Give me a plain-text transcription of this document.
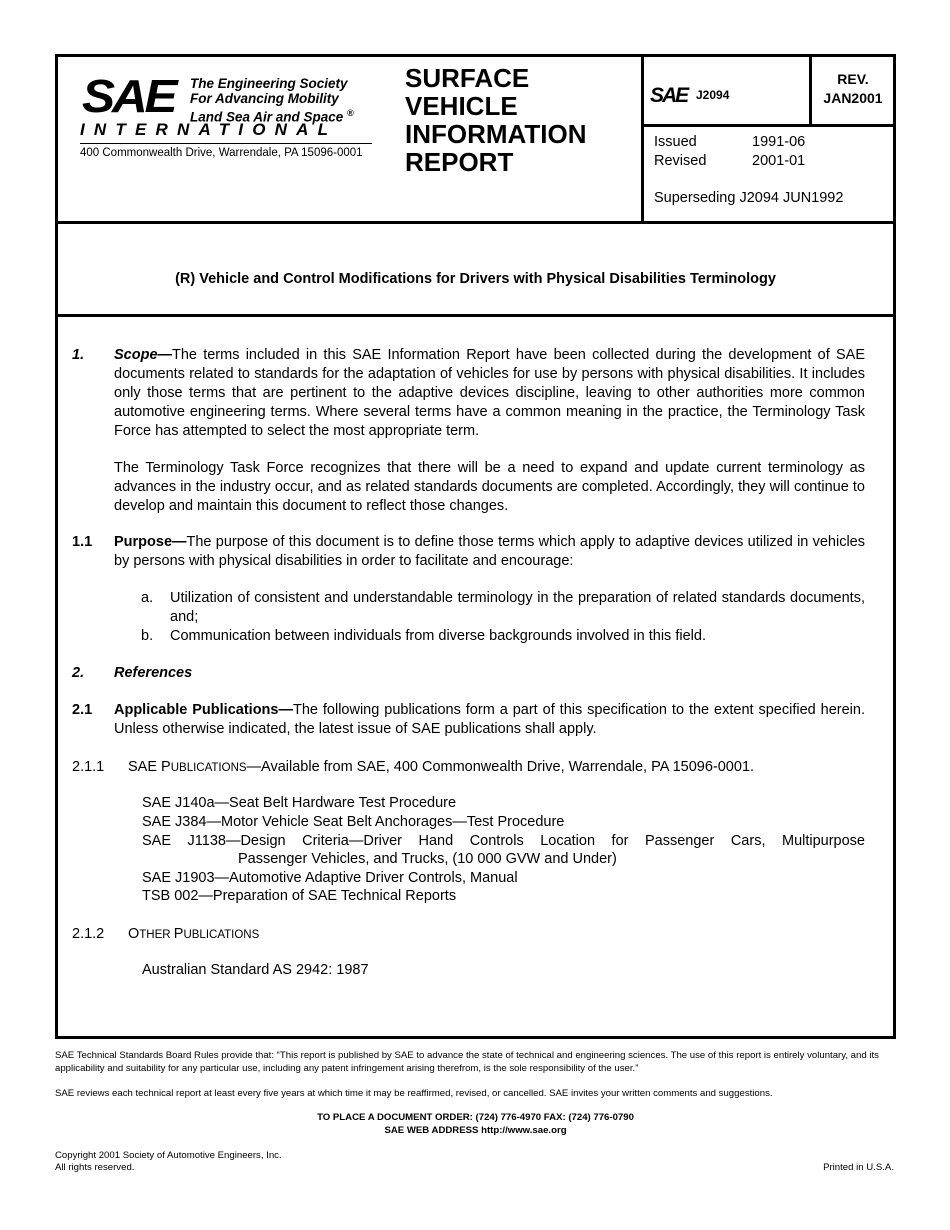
SAE The Engineering Society
For Advancing Mobility
Land Sea Air and Space ®
INTERNATIONAL
400 Commonwealth Drive, Warrendale, PA 15096-0001
SURFACE
VEHICLE
INFORMATION
REPORT
SAE J2094
REV.
JAN2001
Issued	1991-06
Revised	2001-01
Superseding J2094 JUN1992
(R) Vehicle and Control Modifications for Drivers with Physical Disabilities Terminology
1. Scope—The terms included in this SAE Information Report have been collected during the development of SAE documents related to standards for the adaptation of vehicles for use by persons with physical disabilities. It includes only those terms that are pertinent to the adaptive devices discipline, leaving to other authorities more common automotive engineering terms. Where several terms have a common meaning in the practice, the Terminology Task Force has attempted to select the most appropriate term.
The Terminology Task Force recognizes that there will be a need to expand and update current terminology as advances in the industry occur, and as related standards documents are completed. Accordingly, they will continue to develop and maintain this document to reflect those changes.
1.1 Purpose—The purpose of this document is to define those terms which apply to adaptive devices utilized in vehicles by persons with physical disabilities in order to facilitate and encourage:
a. Utilization of consistent and understandable terminology in the preparation of related standards documents, and;
b. Communication between individuals from diverse backgrounds involved in this field.
2. References
2.1 Applicable Publications—The following publications form a part of this specification to the extent specified herein. Unless otherwise indicated, the latest issue of SAE publications shall apply.
2.1.1 SAE PUBLICATIONS—Available from SAE, 400 Commonwealth Drive, Warrendale, PA 15096-0001.
SAE J140a—Seat Belt Hardware Test Procedure
SAE J384—Motor Vehicle Seat Belt Anchorages—Test Procedure
SAE J1138—Design Criteria—Driver Hand Controls Location for Passenger Cars, Multipurpose
Passenger Vehicles, and Trucks, (10 000 GVW and Under)
SAE J1903—Automotive Adaptive Driver Controls, Manual
TSB 002—Preparation of SAE Technical Reports
2.1.2 OTHER PUBLICATIONS
Australian Standard AS 2942: 1987
SAE Technical Standards Board Rules provide that: “This report is published by SAE to advance the state of technical and engineering sciences. The use of this report is entirely voluntary, and its applicability and suitability for any particular use, including any patent infringement arising therefrom, is the sole responsibility of the user.”
SAE reviews each technical report at least every five years at which time it may be reaffirmed, revised, or cancelled. SAE invites your written comments and suggestions.
TO PLACE A DOCUMENT ORDER: (724) 776-4970 FAX: (724) 776-0790
SAE WEB ADDRESS http://www.sae.org
Copyright 2001 Society of Automotive Engineers, Inc.
All rights reserved.	Printed in U.S.A.
